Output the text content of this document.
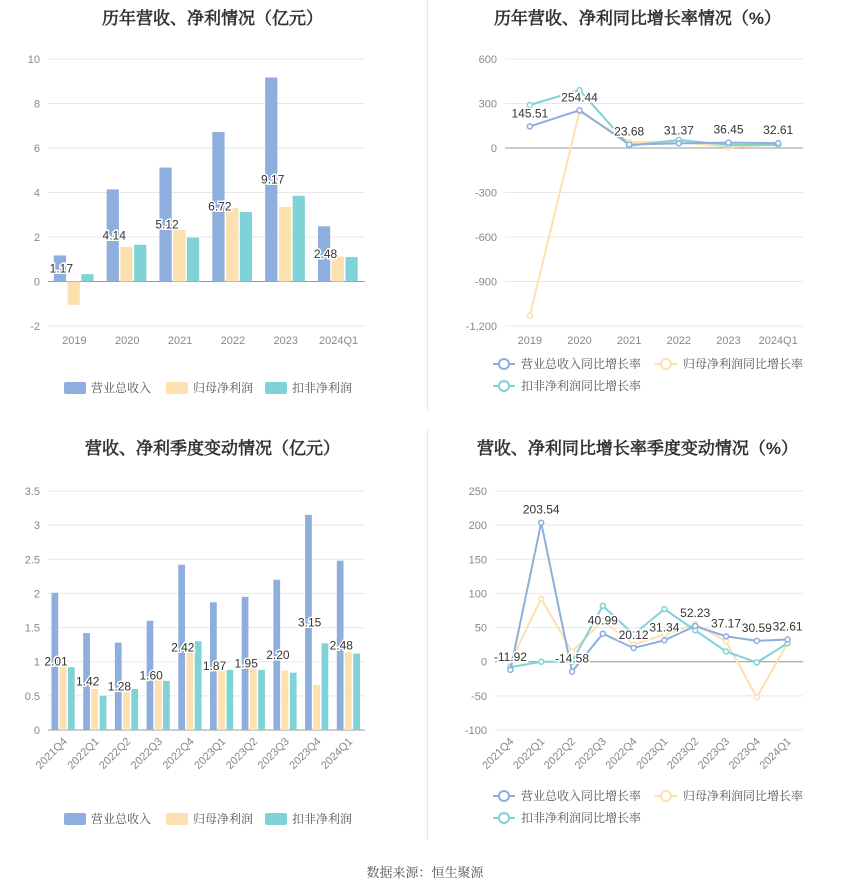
历年营收、净利情况（亿元）
-2
0
2
4
6
8
10
2019	2020	2021	2022	2023 2024Q1
1.17
4.14
5.12
6.72
9.17
2.48
营业总收入	归母净利润	扣非净利润
历年营收、净利同比增长率情况（%）
-1,200
-900
-600
-300
0
300
600
2019 2020 2021 2022 2023 2024Q1
145.51
254.44
23.68 31.37 36.45 32.61
营业总收入同比增长率	归母净利润同比增长率
扣非净利润同比增长率
营收、净利季度变动情况（亿元）
0
0.5
1
1.5
2
2.5
3
3.5
2021Q4
2022Q1
2022Q2
2022Q3
2022Q4
2023Q1
2023Q2
2023Q3
2023Q4
2024Q1
2.01
1.42 1.28
1.60
2.42
1.87 1.95
2.20
3.15
2.48
营业总收入	归母净利润	扣非净利润
营收、净利同比增长率季度变动情况（%）
-100
-50
0
50
100
150
200
250
2021Q4
2022Q1
2022Q2
2022Q3
2022Q4
2023Q1
2023Q2
2023Q3
2023Q4
2024Q1
-11.92
203.54
-14.58
40.99
20.12
31.34
52.23
37.17 30.59 32.61
营业总收入同比增长率	归母净利润同比增长率
扣非净利润同比增长率
数据来源：恒生聚源
